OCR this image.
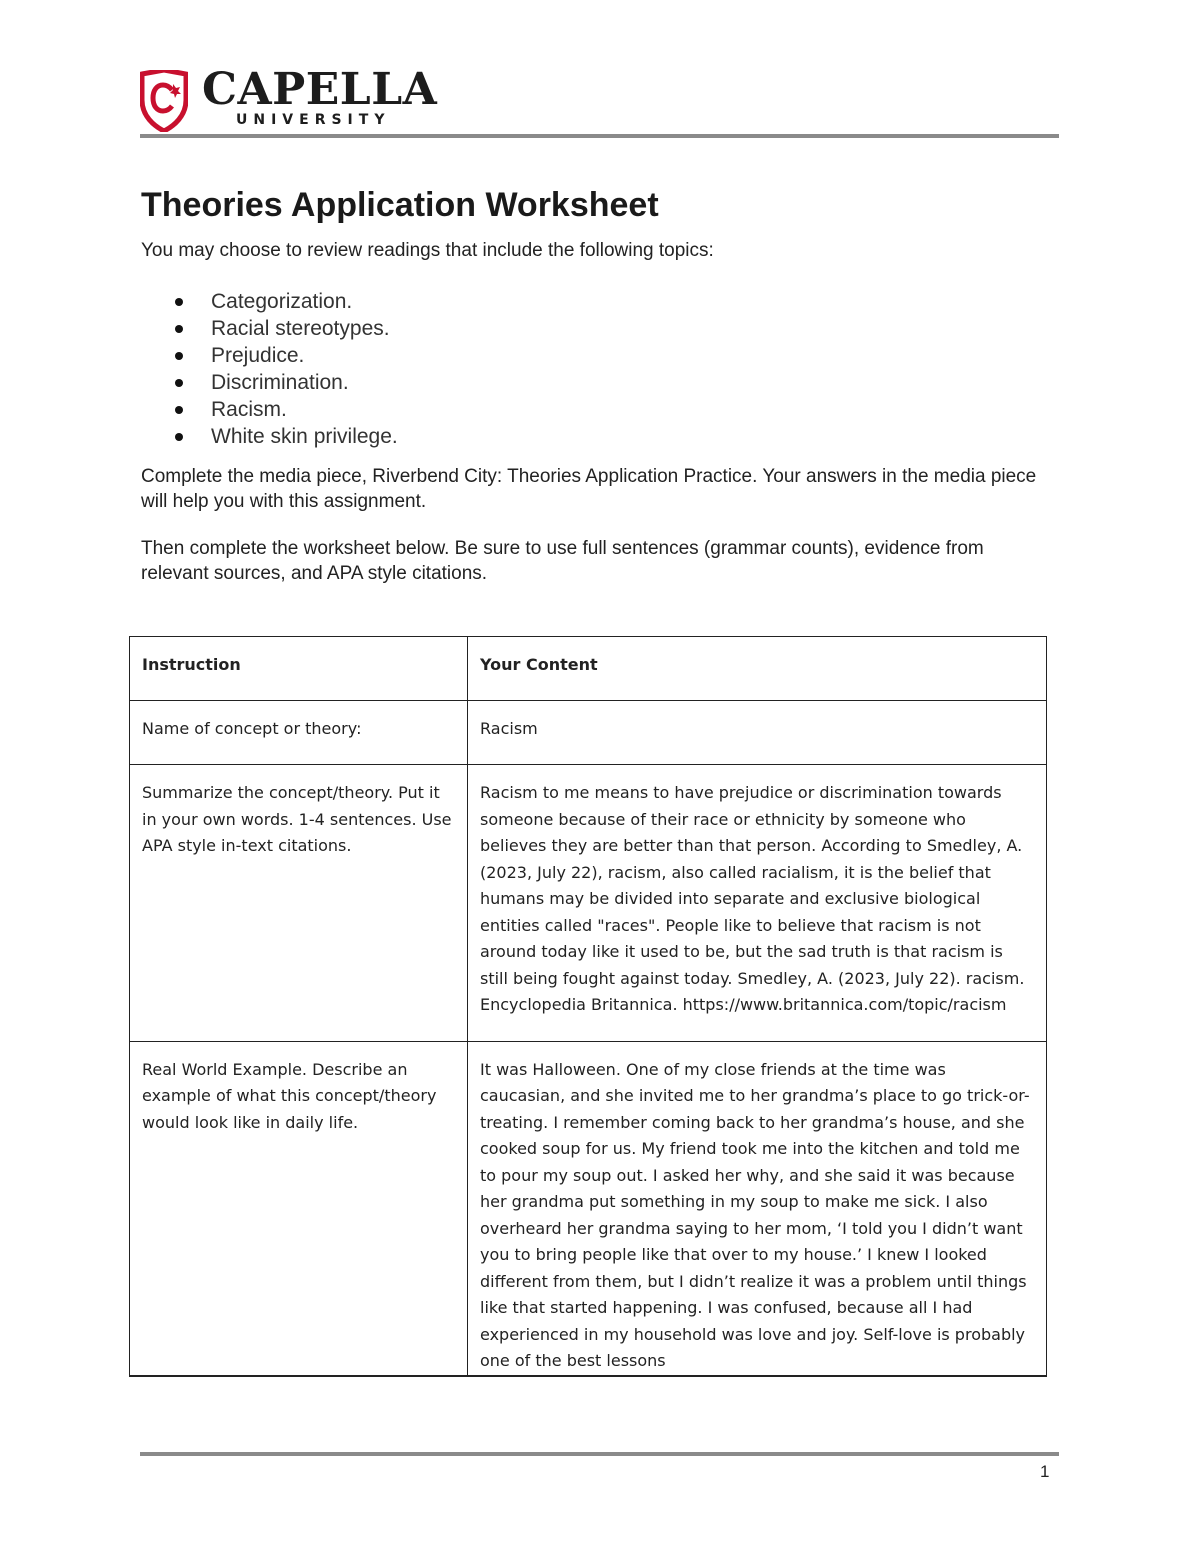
CAPELLA
UNIVERSITY
Theories Application Worksheet

You may choose to review readings that include the following topics:

Categorization.
Racial stereotypes.
Prejudice.
Discrimination.
Racism.
White skin privilege.

Complete the media piece, Riverbend City: Theories Application Practice. Your answers in the media piece will help you with this assignment.

Then complete the worksheet below. Be sure to use full sentences (grammar counts), evidence from relevant sources, and APA style citations.

Instruction	Your Content
Name of concept or theory:	Racism
Summarize the concept/theory. Put it in your own words. 1-4 sentences. Use APA style in-text citations.	Racism to me means to have prejudice or discrimination towards someone because of their race or ethnicity by someone who believes they are better than that person. According to Smedley, A. (2023, July 22), racism, also called racialism, it is the belief that humans may be divided into separate and exclusive biological entities called "races". People like to believe that racism is not around today like it used to be, but the sad truth is that racism is still being fought against today. Smedley, A. (2023, July 22). racism. Encyclopedia Britannica. https://www.britannica.com/topic/racism
Real World Example. Describe an example of what this concept/theory would look like in daily life.	It was Halloween. One of my close friends at the time was caucasian, and she invited me to her grandma’s place to go trick-or-treating. I remember coming back to her grandma’s house, and she cooked soup for us. My friend took me into the kitchen and told me to pour my soup out. I asked her why, and she said it was because her grandma put something in my soup to make me sick. I also overheard her grandma saying to her mom, ‘I told you I didn’t want you to bring people like that over to my house.’ I knew I looked different from them, but I didn’t realize it was a problem until things like that started happening. I was confused, because all I had experienced in my household was love and joy. Self-love is probably one of the best lessons
1
